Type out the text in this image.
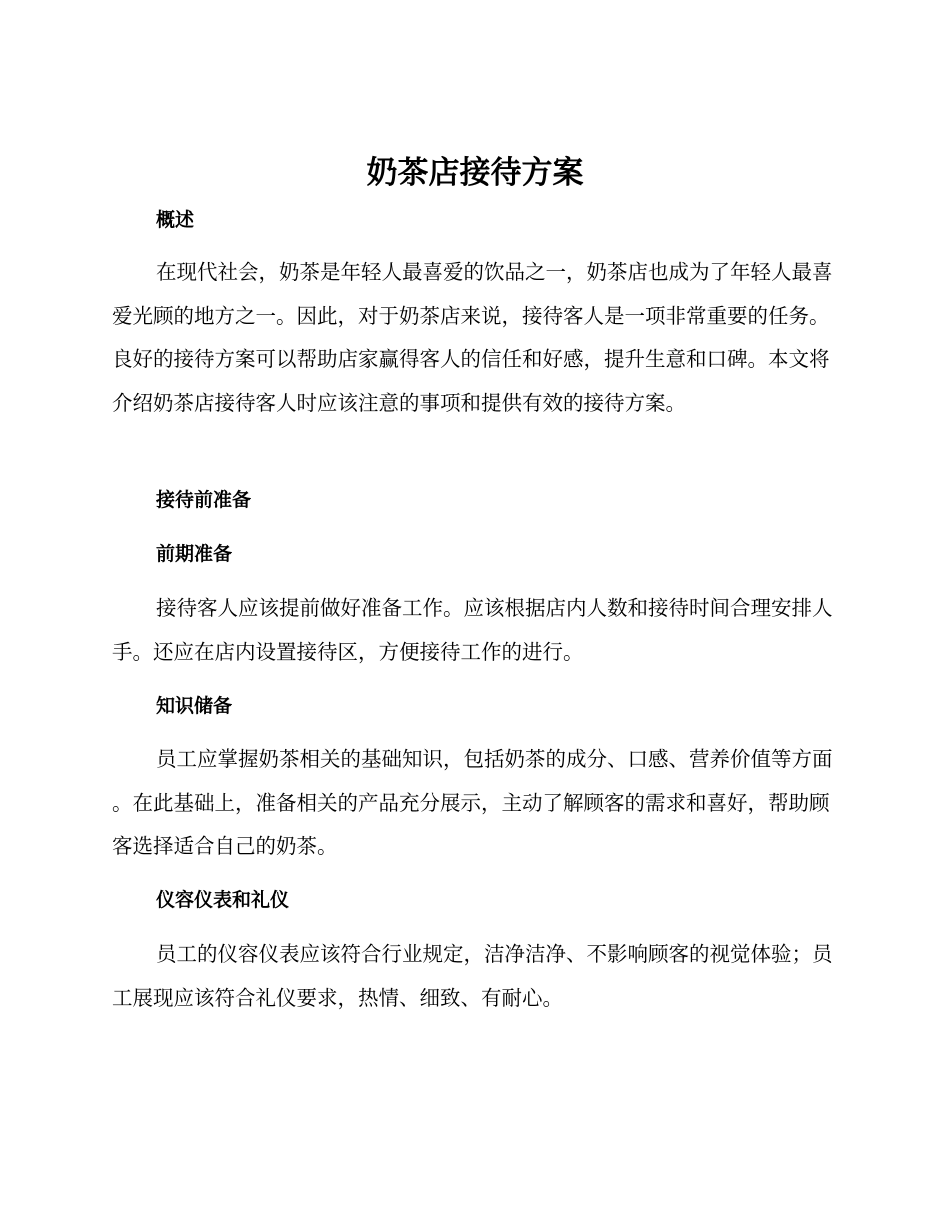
奶茶店接待方案
概述

在现代社会，奶茶是年轻人最喜爱的饮品之一，奶茶店也成为了年轻人最喜爱光顾的地方之一。因此，对于奶茶店来说，接待客人是一项非常重要的任务。良好的接待方案可以帮助店家赢得客人的信任和好感，提升生意和口碑。本文将介绍奶茶店接待客人时应该注意的事项和提供有效的接待方案。

接待前准备
前期准备

接待客人应该提前做好准备工作。应该根据店内人数和接待时间合理安排人手。还应在店内设置接待区，方便接待工作的进行。

知识储备

员工应掌握奶茶相关的基础知识，包括奶茶的成分、口感、营养价值等方面。在此基础上，准备相关的产品充分展示，主动了解顾客的需求和喜好，帮助顾客选择适合自己的奶茶。

仪容仪表和礼仪

员工的仪容仪表应该符合行业规定，洁净洁净、不影响顾客的视觉体验；员工展现应该符合礼仪要求，热情、细致、有耐心。
